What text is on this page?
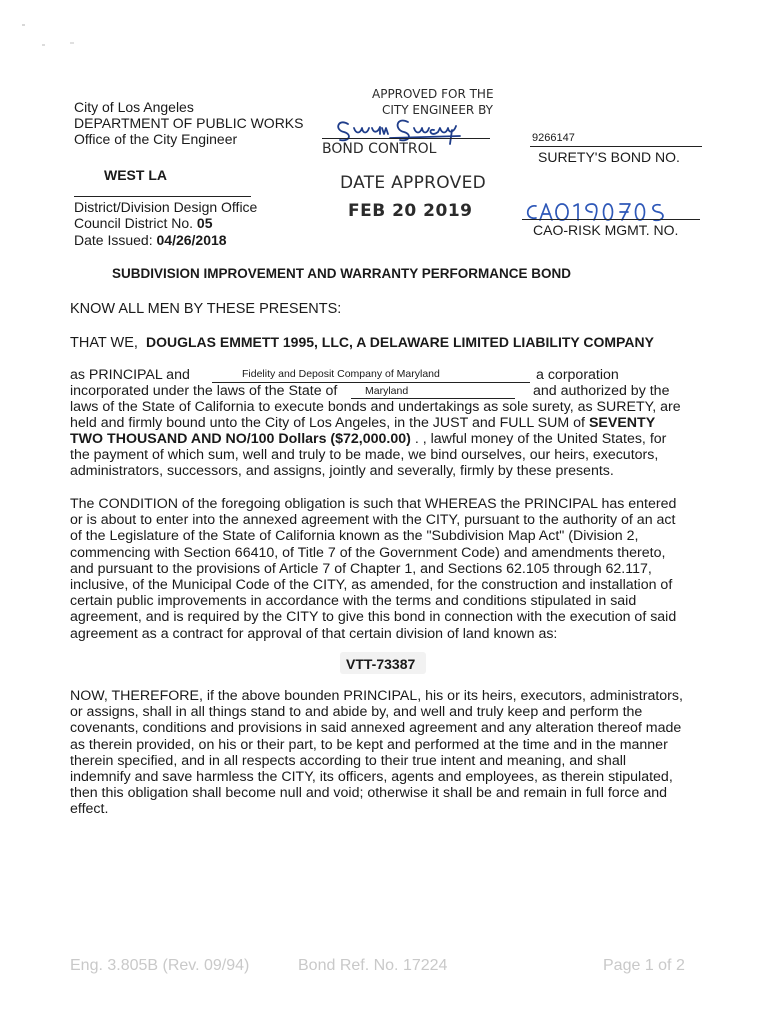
City of Los Angeles
DEPARTMENT OF PUBLIC WORKS
Office of the City Engineer
WEST LA
District/Division Design Office
Council District No. 05
Date Issued: 04/26/2018
APPROVED FOR THE
CITY ENGINEER BY
BOND CONTROL
DATE APPROVED
FEB 20 2019
9266147
SURETY'S BOND NO.
CAO-RISK MGMT. NO.
SUBDIVISION IMPROVEMENT AND WARRANTY PERFORMANCE BOND
KNOW ALL MEN BY THESE PRESENTS:
THAT WE, DOUGLAS EMMETT 1995, LLC, A DELAWARE LIMITED LIABILITY COMPANY
as PRINCIPAL and	Fidelity and Deposit Company of Maryland	a corporation
incorporated under the laws of the State of	Maryland	and authorized by the
laws of the State of California to execute bonds and undertakings as sole surety, as SURETY, are
held and firmly bound unto the City of Los Angeles, in the JUST and FULL SUM of SEVENTY
TWO THOUSAND AND NO/100 Dollars ($72,000.00) . , lawful money of the United States, for
the payment of which sum, well and truly to be made, we bind ourselves, our heirs, executors,
administrators, successors, and assigns, jointly and severally, firmly by these presents.
The CONDITION of the foregoing obligation is such that WHEREAS the PRINCIPAL has entered
or is about to enter into the annexed agreement with the CITY, pursuant to the authority of an act
of the Legislature of the State of California known as the "Subdivision Map Act" (Division 2,
commencing with Section 66410, of Title 7 of the Government Code) and amendments thereto,
and pursuant to the provisions of Article 7 of Chapter 1, and Sections 62.105 through 62.117,
inclusive, of the Municipal Code of the CITY, as amended, for the construction and installation of
certain public improvements in accordance with the terms and conditions stipulated in said
agreement, and is required by the CITY to give this bond in connection with the execution of said
agreement as a contract for approval of that certain division of land known as:
VTT-73387
NOW, THEREFORE, if the above bounden PRINCIPAL, his or its heirs, executors, administrators,
or assigns, shall in all things stand to and abide by, and well and truly keep and perform the
covenants, conditions and provisions in said annexed agreement and any alteration thereof made
as therein provided, on his or their part, to be kept and performed at the time and in the manner
therein specified, and in all respects according to their true intent and meaning, and shall
indemnify and save harmless the CITY, its officers, agents and employees, as therein stipulated,
then this obligation shall become null and void; otherwise it shall be and remain in full force and
effect.
Eng. 3.805B (Rev. 09/94)	Bond Ref. No. 17224	Page 1 of 2
